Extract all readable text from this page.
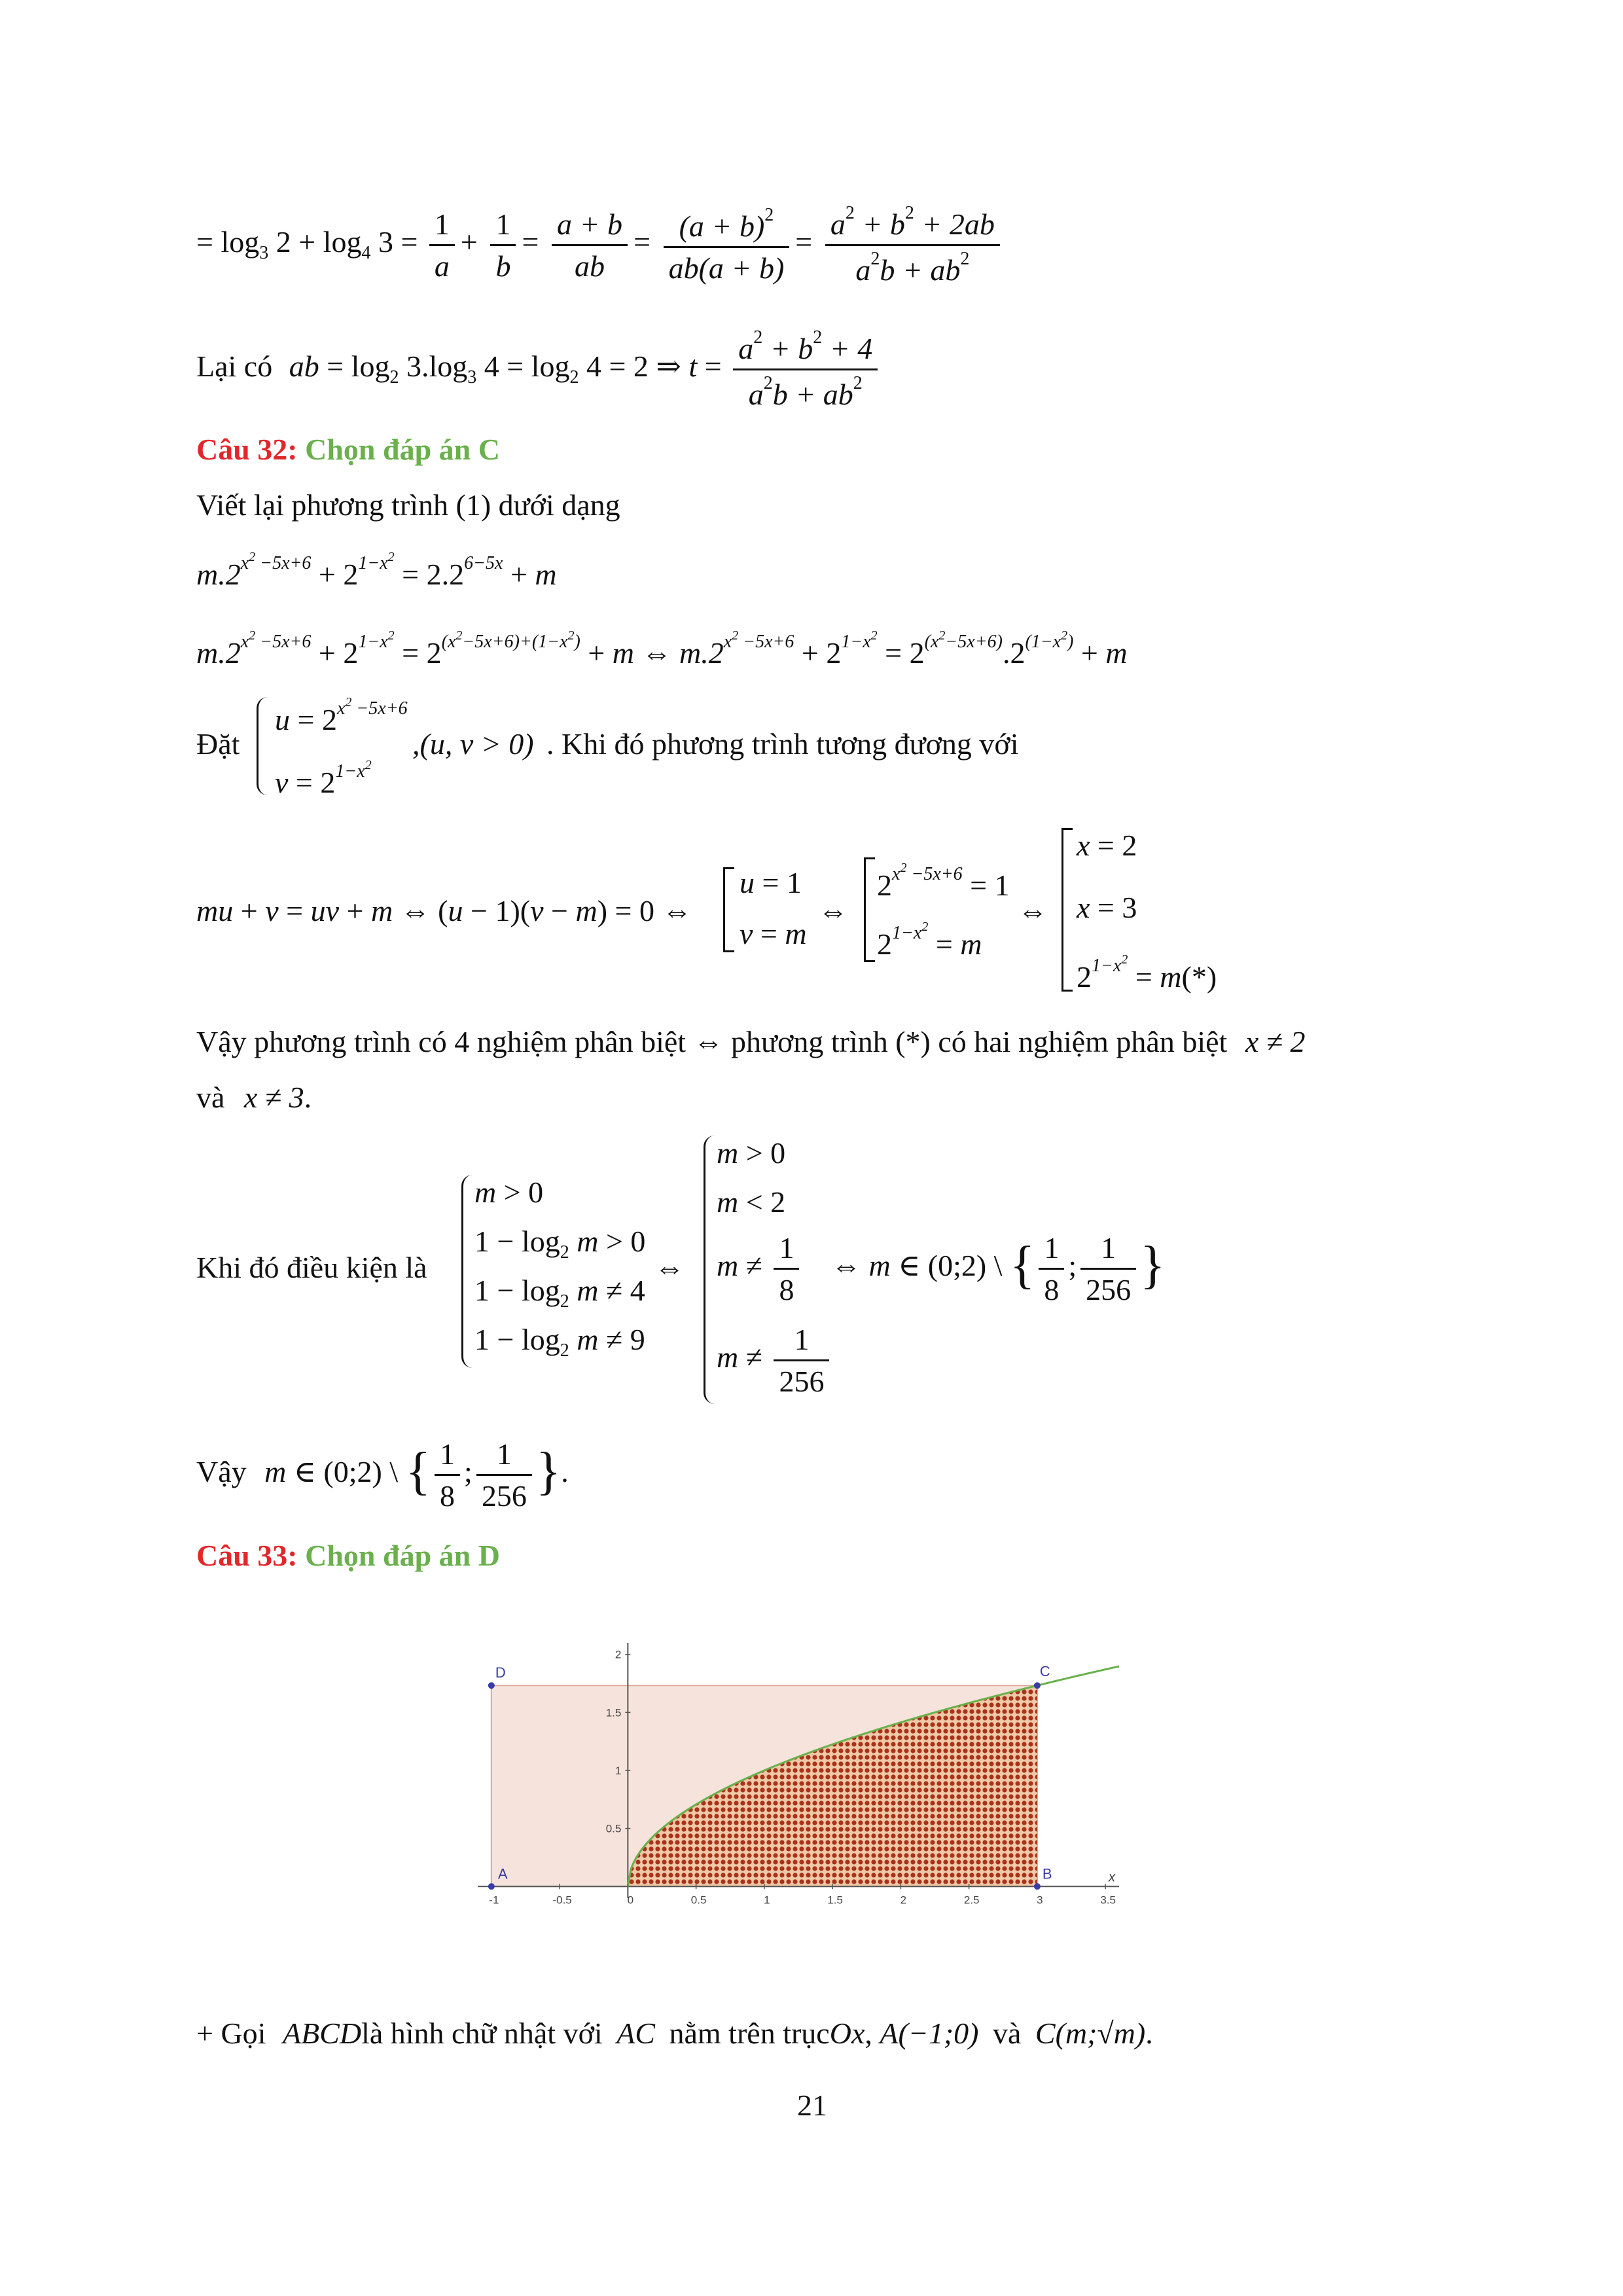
= $\log_3 2 + \log_4 3 = \frac{1}{a} + \frac{1}{b} = \frac{a + b}{ab} = \frac{(a + b)^2}{ab(a + b)} = \frac{a^2 + b^2 + 2ab}{a^2b + ab^2}$
Lại có ab = $\log_2 3.\log_3$ $4 = \log_2 4 = 2$ ⇒ $t = \frac{a^2 + b^2 + 4}{a^2b + ab^2}$
Câu 32: Chọn đáp án C
Viết lại phương trình (1) dưới dạng
$m.2^{x^2 -5x+6} + 2^{1-x^2} = 2.2^{6-5x} + m$
$m.2^{x^2 -5x+6} + 2^{1-x^2} = 2^{(x^2-5x+6)+(1-x^2)} + m$ ⇔ $m.2^{x^2 -5x+6} + 2^{1-x^2} = 2^{(x^2-5x+6)}.2^{(1-x^2)} + m$
Đặt
$u = 2^{x^2 -5x+6}$
$v = 2^{1-x^2}$
,(u, v > 0) . Khi đó phương trình tương đương với
mu + v = uv + m ⇔ (u − 1)(v − m) = 0 ⇔
u = 1
v = m
⇔
$2^{x^2 -5x+6} = 1$
$2^{1-x^2} = m$
⇔
x = 2
x = 3
$2^{1-x^2} = m(*)$
Vậy phương trình có 4 nghiệm phân biệt ⇔ phương trình (*) có hai nghiệm phân biệt x ≠ 2
và x ≠ 3.
Khi đó điều kiện là
m > 0
$1 - \log_2 m > 0$
$1 - \log_2 m \ne 4$
$1 - \log_2 m \ne 9$
⇔
m > 0
m < 2
$m \ne \frac{1}{8}$
$m \ne \frac{1}{256}$
⇔ m ∈ (0;2) \ { $\frac{1}{8}$ ; $\frac{1}{256}$ }
Vậy m ∈ (0;2) \ { $\frac{1}{8}$ ; $\frac{1}{256}$ }.
Câu 33: Chọn đáp án D
x
-1	-0.5	0	0.5	1	1.5	2	2.5	3	3.5
0.5
1
1.5
2
A	B
C
D
+ Gọi ABCDlà hình chữ nhật với AC nằm trên trụcOx, A(−1;0) và C(m;√m).
21
